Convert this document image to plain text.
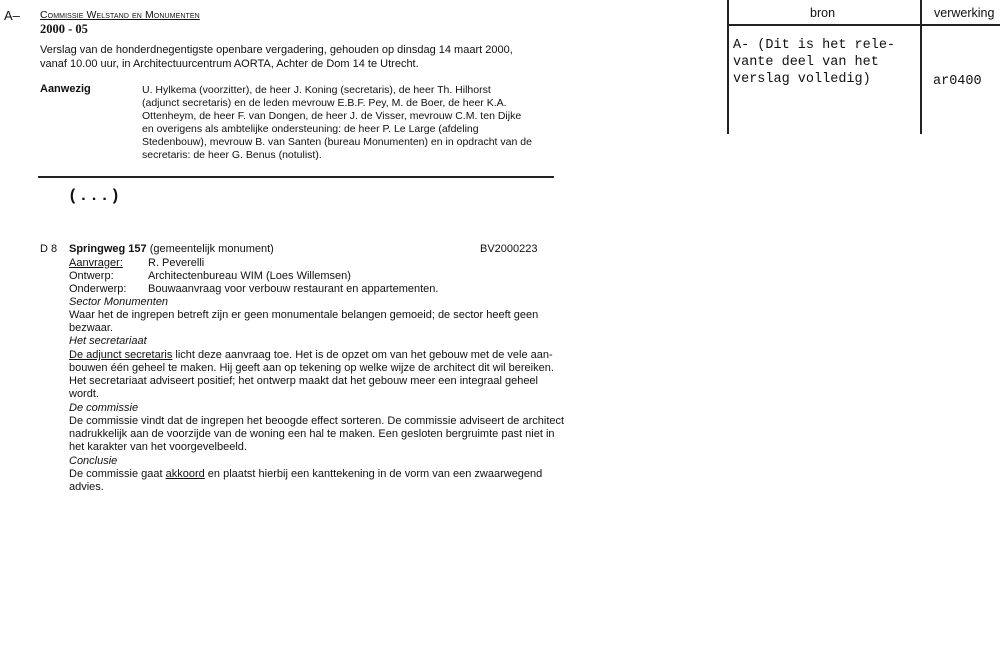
A– Commissie Welstand en Monumenten
2000 - 05
Verslag van de honderdnegentigste openbare vergadering, gehouden op dinsdag 14 maart 2000,
vanaf 10.00 uur, in Architectuurcentrum AORTA, Achter de Dom 14 te Utrecht.
Aanwezig	U. Hylkema (voorzitter), de heer J. Koning (secretaris), de heer Th. Hilhorst
(adjunct secretaris) en de leden mevrouw E.B.F. Pey, M. de Boer, de heer K.A.
Ottenheym, de heer F. van Dongen, de heer J. de Visser, mevrouw C.M. ten Dijke
en overigens als ambtelijke ondersteuning: de heer P. Le Large (afdeling
Stedenbouw), mevrouw B. van Santen (bureau Monumenten) en in opdracht van de
secretaris: de heer G. Benus (notulist).
(...)
bron	verwerking
A- (Dit is het rele-
vante deel van het
verslag volledig)	ar0400
D 8 Springweg 157 (gemeentelijk monument)	BV2000223
Aanvrager: R. Peverelli
Ontwerp:	Architectenbureau WIM (Loes Willemsen)
Onderwerp: Bouwaanvraag voor verbouw restaurant en appartementen.
Sector Monumenten
Waar het de ingrepen betreft zijn er geen monumentale belangen gemoeid; de sector heeft geen
bezwaar.
Het secretariaat
De adjunct secretaris licht deze aanvraag toe. Het is de opzet om van het gebouw met de vele aan-
bouwen één geheel te maken. Hij geeft aan op tekening op welke wijze de architect dit wil bereiken.
Het secretariaat adviseert positief; het ontwerp maakt dat het gebouw meer een integraal geheel
wordt.
De commissie
De commissie vindt dat de ingrepen het beoogde effect sorteren. De commissie adviseert de architect
nadrukkelijk aan de voorzijde van de woning een hal te maken. Een gesloten bergruimte past niet in
het karakter van het voorgevelbeeld.
Conclusie
De commissie gaat akkoord en plaatst hierbij een kanttekening in de vorm van een zwaarwegend
advies.
